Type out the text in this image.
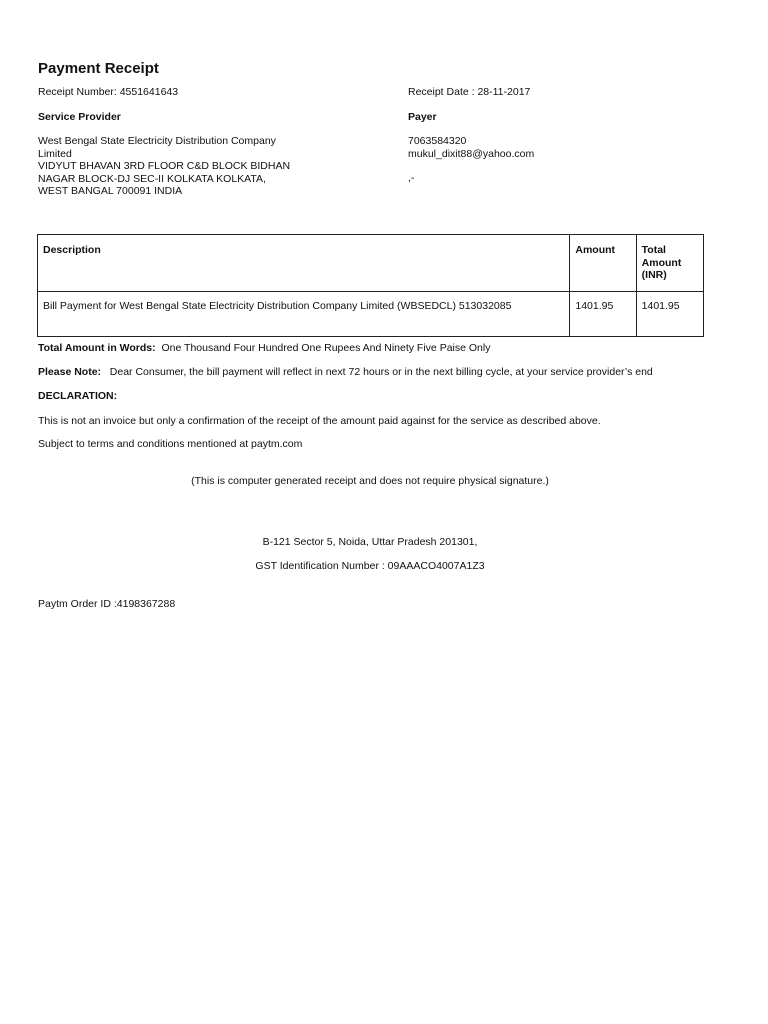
Payment Receipt
Receipt Number: 4551641643	Receipt Date : 28-11-2017
Service Provider	Payer
West Bengal State Electricity Distribution Company
Limited
VIDYUT BHAVAN 3RD FLOOR C&D BLOCK BIDHAN
NAGAR BLOCK-DJ SEC-II KOLKATA KOLKATA,
WEST BANGAL 700091 INDIA
7063584320
mukul_dixit88@yahoo.com
,-
Description	Amount	Total Amount (INR)
Bill Payment for West Bengal State Electricity Distribution Company Limited (WBSEDCL) 513032085	1401.95	1401.95
Total Amount in Words: One Thousand Four Hundred One Rupees And Ninety Five Paise Only
Please Note: Dear Consumer, the bill payment will reflect in next 72 hours or in the next billing cycle, at your service provider’s end
DECLARATION:
This is not an invoice but only a confirmation of the receipt of the amount paid against for the service as described above.
Subject to terms and conditions mentioned at paytm.com
(This is computer generated receipt and does not require physical signature.)
B-121 Sector 5, Noida, Uttar Pradesh 201301,
GST Identification Number : 09AAACO4007A1Z3
Paytm Order ID :4198367288
